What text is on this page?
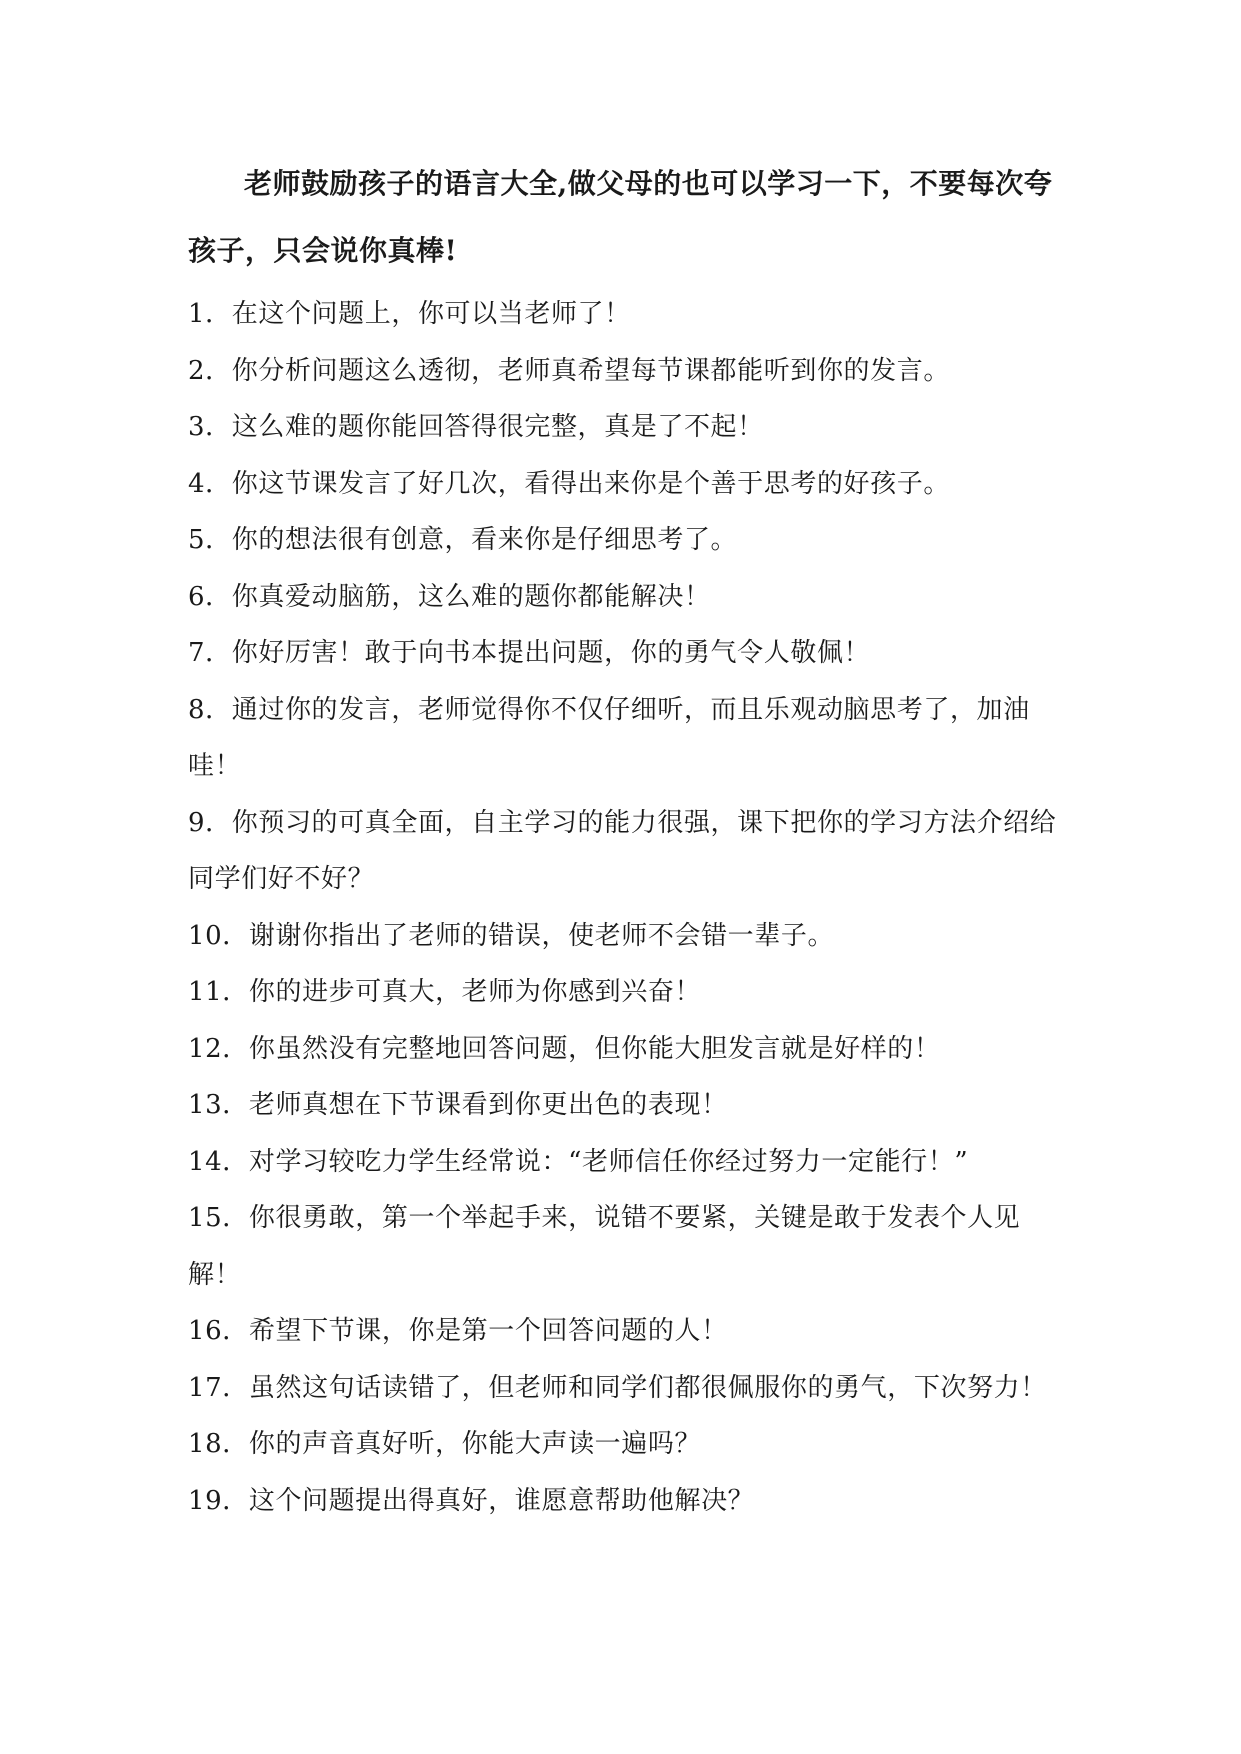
老师鼓励孩子的语言大全,做父母的也可以学习一下，不要每次夸孩子，只会说你真棒!
1．在这个问题上，你可以当老师了！
2．你分析问题这么透彻，老师真希望每节课都能听到你的发言。
3．这么难的题你能回答得很完整，真是了不起！
4．你这节课发言了好几次，看得出来你是个善于思考的好孩子。
5．你的想法很有创意，看来你是仔细思考了。
6．你真爱动脑筋，这么难的题你都能解决！
7．你好厉害！敢于向书本提出问题，你的勇气令人敬佩！
8．通过你的发言，老师觉得你不仅仔细听，而且乐观动脑思考了，加油哇！
9．你预习的可真全面，自主学习的能力很强，课下把你的学习方法介绍给同学们好不好？
10．谢谢你指出了老师的错误，使老师不会错一辈子。
11．你的进步可真大，老师为你感到兴奋！
12．你虽然没有完整地回答问题，但你能大胆发言就是好样的！
13．老师真想在下节课看到你更出色的表现！
14．对学习较吃力学生经常说：“老师信任你经过努力一定能行！”
15．你很勇敢，第一个举起手来，说错不要紧，关键是敢于发表个人见解！
16．希望下节课，你是第一个回答问题的人！
17．虽然这句话读错了，但老师和同学们都很佩服你的勇气，下次努力！
18．你的声音真好听，你能大声读一遍吗？
19．这个问题提出得真好，谁愿意帮助他解决？
